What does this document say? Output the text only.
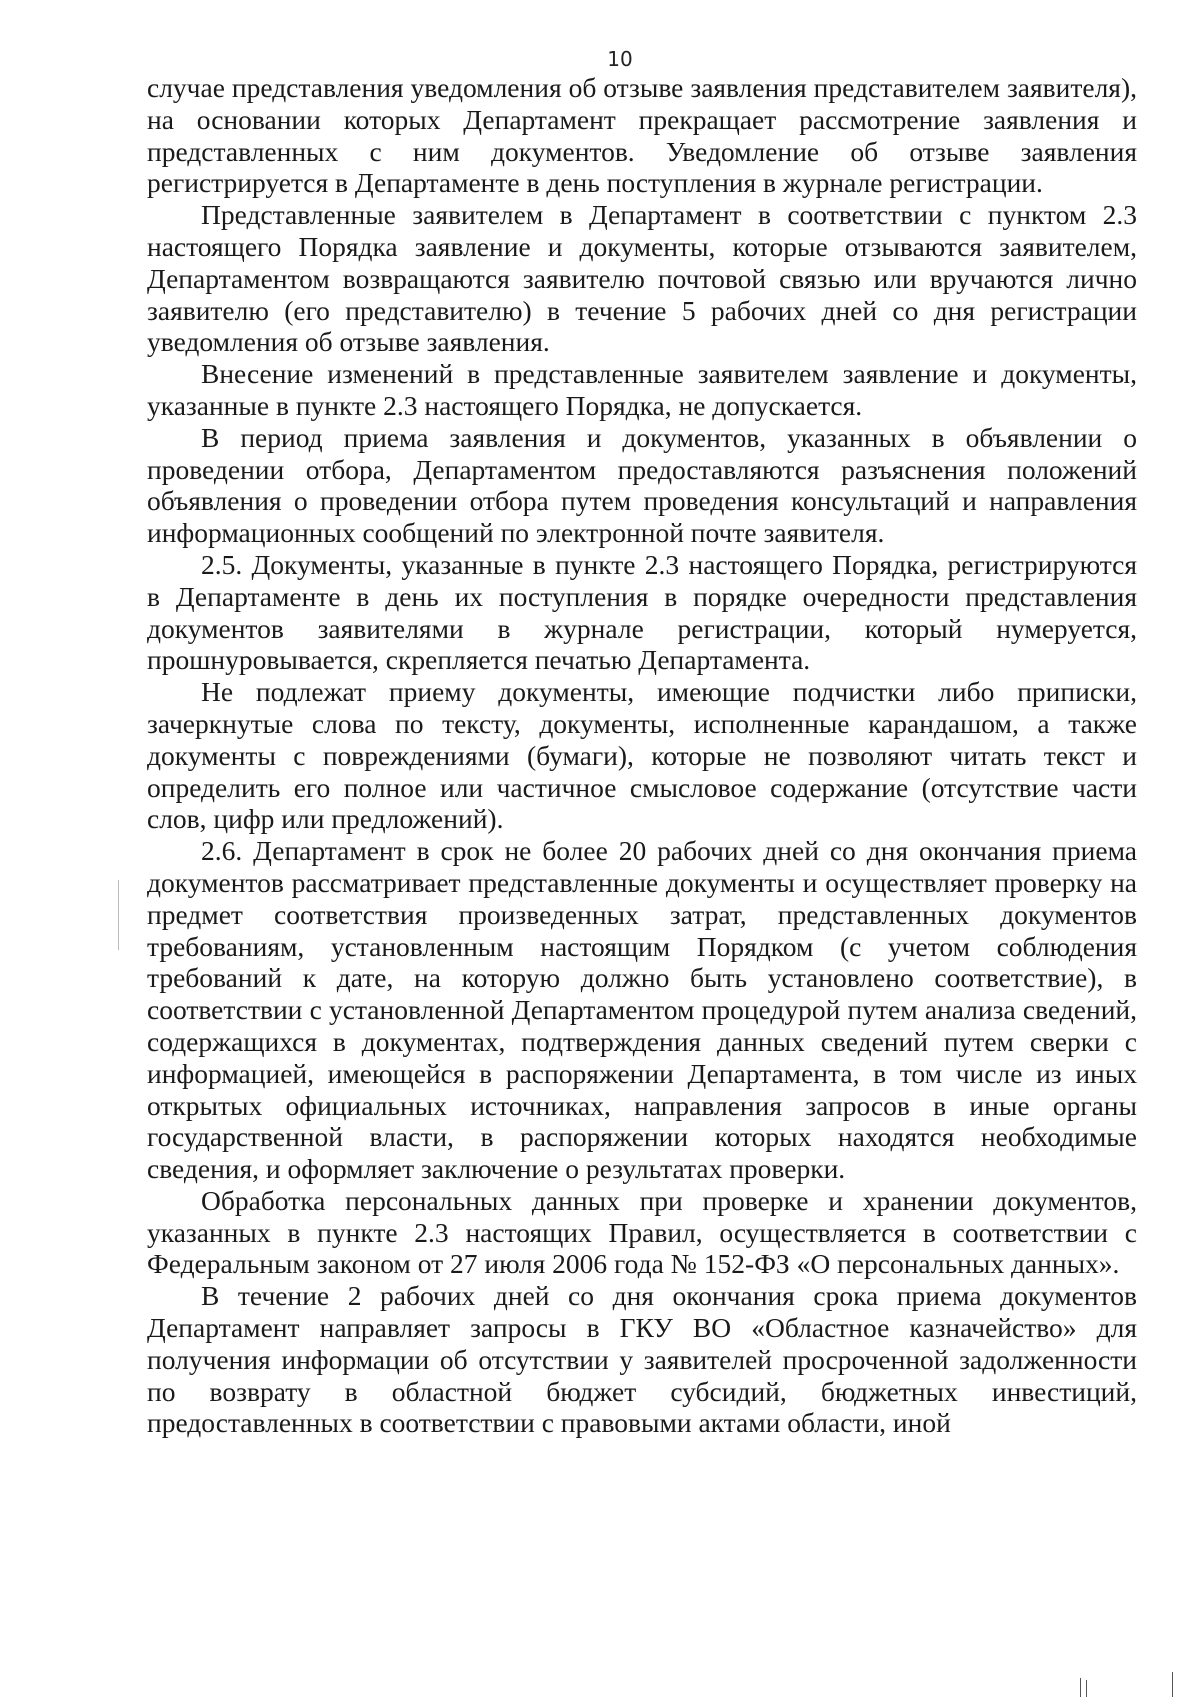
10

случае представления уведомления об отзыве заявления представителем заявителя), на основании которых Департамент прекращает рассмотрение заявления и представленных с ним документов. Уведомление об отзыве заявления регистрируется в Департаменте в день поступления в журнале регистрации.

Представленные заявителем в Департамент в соответствии с пунктом 2.3 настоящего Порядка заявление и документы, которые отзываются заявителем, Департаментом возвращаются заявителю почтовой связью или вручаются лично заявителю (его представителю) в течение 5 рабочих дней со дня регистрации уведомления об отзыве заявления.

Внесение изменений в представленные заявителем заявление и документы, указанные в пункте 2.3 настоящего Порядка, не допускается.

В период приема заявления и документов, указанных в объявлении о проведении отбора, Департаментом предоставляются разъяснения положений объявления о проведении отбора путем проведения консультаций и направления информационных сообщений по электронной почте заявителя.

2.5. Документы, указанные в пункте 2.3 настоящего Порядка, регистрируются в Департаменте в день их поступления в порядке очередности представления документов заявителями в журнале регистрации, который нумеруется, прошнуровывается, скрепляется печатью Департамента.

Не подлежат приему документы, имеющие подчистки либо приписки, зачеркнутые слова по тексту, документы, исполненные карандашом, а также документы с повреждениями (бумаги), которые не позволяют читать текст и определить его полное или частичное смысловое содержание (отсутствие части слов, цифр или предложений).

2.6. Департамент в срок не более 20 рабочих дней со дня окончания приема документов рассматривает представленные документы и осуществляет проверку на предмет соответствия произведенных затрат, представленных документов требованиям, установленным настоящим Порядком (с учетом соблюдения требований к дате, на которую должно быть установлено соответствие), в соответствии с установленной Департаментом процедурой путем анализа сведений, содержащихся в документах, подтверждения данных сведений путем сверки с информацией, имеющейся в распоряжении Департамента, в том числе из иных открытых официальных источниках, направления запросов в иные органы государственной власти, в распоряжении которых находятся необходимые сведения, и оформляет заключение о результатах проверки.

Обработка персональных данных при проверке и хранении документов, указанных в пункте 2.3 настоящих Правил, осуществляется в соответствии с Федеральным законом от 27 июля 2006 года № 152-ФЗ «О персональных данных».

В течение 2 рабочих дней со дня окончания срока приема документов Департамент направляет запросы в ГКУ ВО «Областное казначейство» для получения информации об отсутствии у заявителей просроченной задолженности по возврату в областной бюджет субсидий, бюджетных инвестиций, предоставленных в соответствии с правовыми актами области, иной
